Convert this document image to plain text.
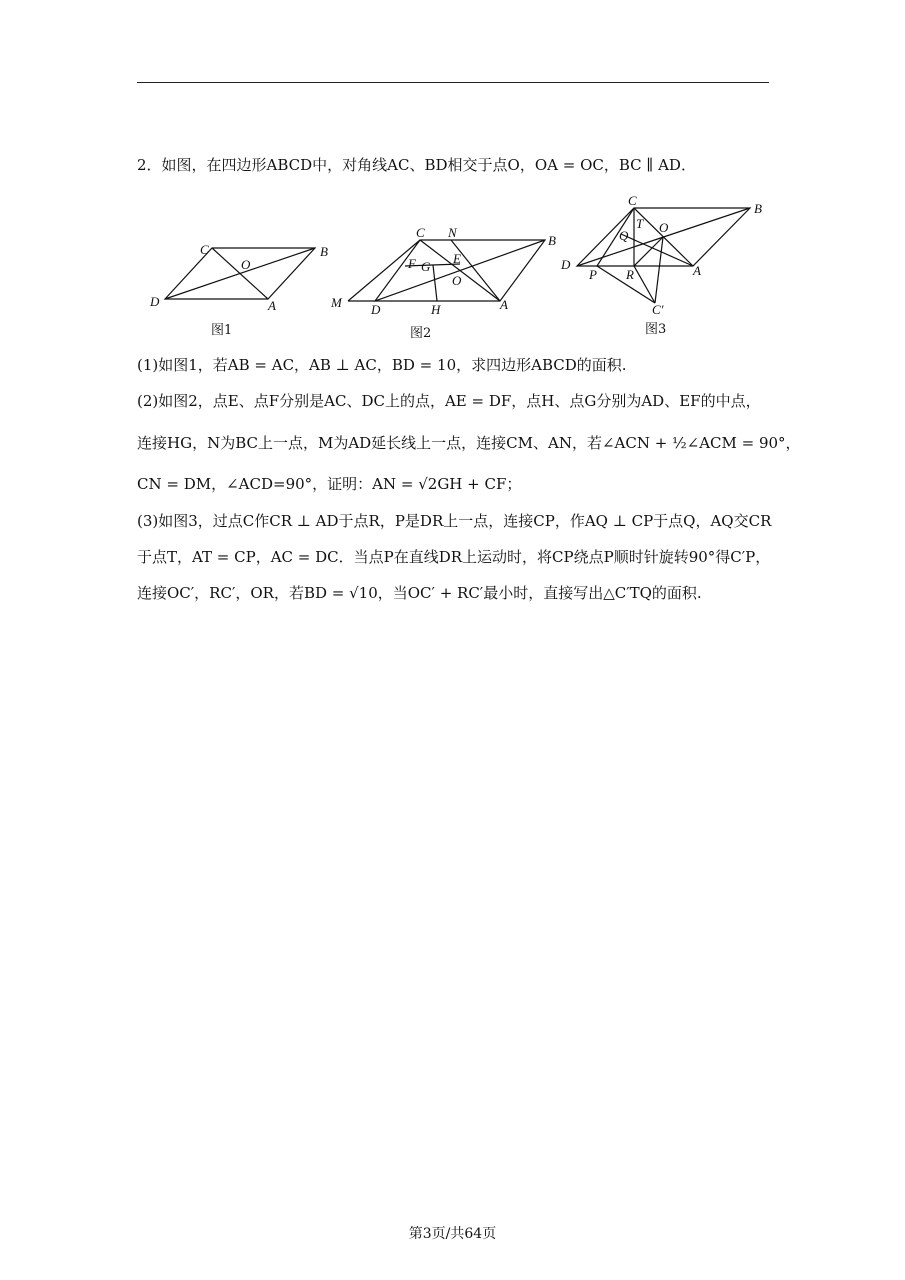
2．如图，在四边形ABCD中，对角线AC、BD相交于点O，OA = OC，BC ∥ AD．
C	B
O
D	A
图1
C N
B
F G
E
O
M D	H	A
图2
C
B
T
Q
O
D
P R	A
C′
图3
(1)如图1，若AB = AC，AB ⊥ AC，BD = 10，求四边形ABCD的面积.
(2)如图2，点E、点F分别是AC、DC上的点，AE = DF，点H、点G分别为AD、EF的中点，
连接HG，N为BC上一点，M为AD延长线上一点，连接CM、AN，若∠ACN + ½∠ACM = 90°，
CN = DM，∠ACD=90°，证明：AN = √2GH + CF；
(3)如图3，过点C作CR ⊥ AD于点R，P是DR上一点，连接CP，作AQ ⊥ CP于点Q，AQ交CR
于点T，AT = CP，AC = DC．当点P在直线DR上运动时，将CP绕点P顺时针旋转90°得C′P，
连接OC′，RC′，OR，若BD = √10，当OC′ + RC′最小时，直接写出△C′TQ的面积.
第3页/共64页
